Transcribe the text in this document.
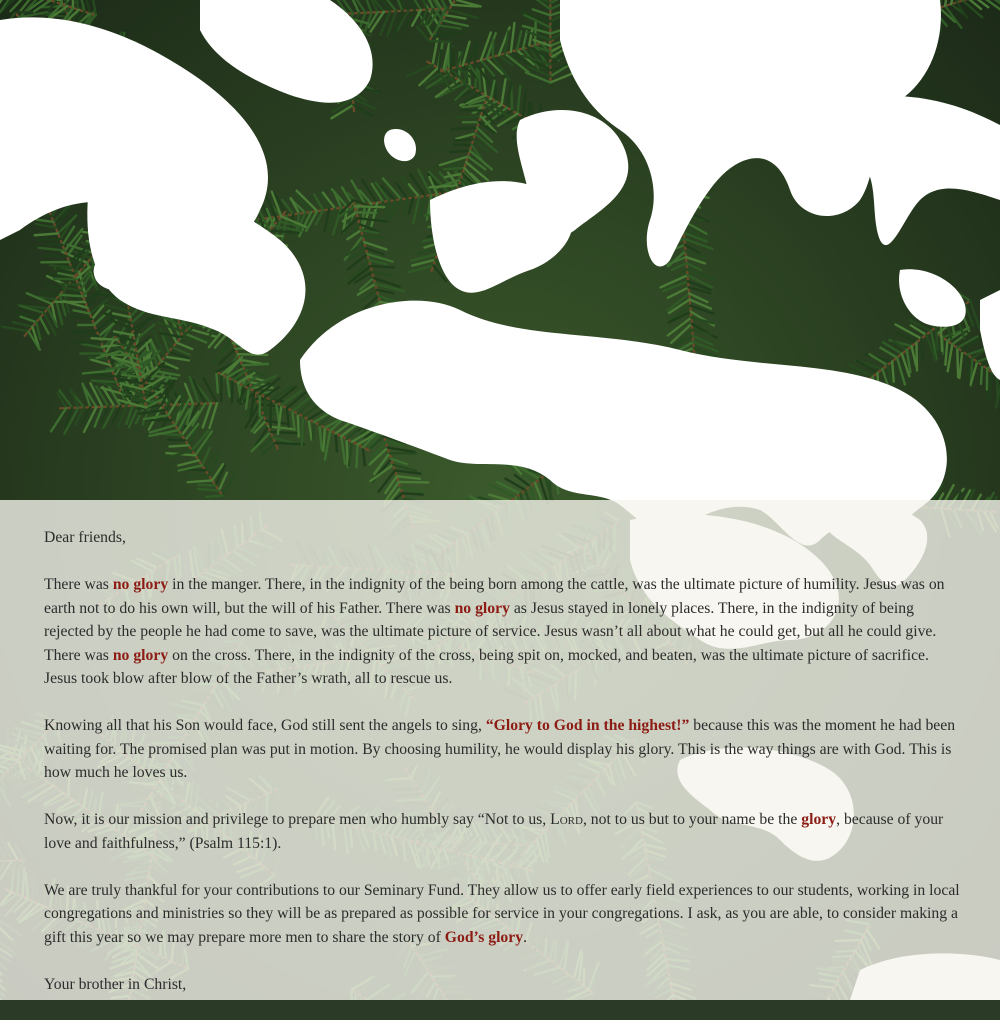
Dear friends,

There was no glory in the manger. There, in the indignity of the being born among the cattle, was the ultimate picture of humility. Jesus was on earth not to do his own will, but the will of his Father. There was no glory as Jesus stayed in lonely places. There, in the indignity of being rejected by the people he had come to save, was the ultimate picture of service. Jesus wasn’t all about what he could get, but all he could give. There was no glory on the cross. There, in the indignity of the cross, being spit on, mocked, and beaten, was the ultimate picture of sacrifice. Jesus took blow after blow of the Father’s wrath, all to rescue us.

Knowing all that his Son would face, God still sent the angels to sing, “Glory to God in the highest!” because this was the moment he had been waiting for. The promised plan was put in motion. By choosing humility, he would display his glory. This is the way things are with God. This is how much he loves us.

Now, it is our mission and privilege to prepare men who humbly say “Not to us, Lord, not to us but to your name be the glory, because of your love and faithfulness,” (Psalm 115:1).

We are truly thankful for your contributions to our Seminary Fund. They allow us to offer early field experiences to our students, working in local congregations and ministries so they will be as prepared as possible for service in your congregations. I ask, as you are able, to consider making a gift this year so we may prepare more men to share the story of God’s glory.

Your brother in Christ,
